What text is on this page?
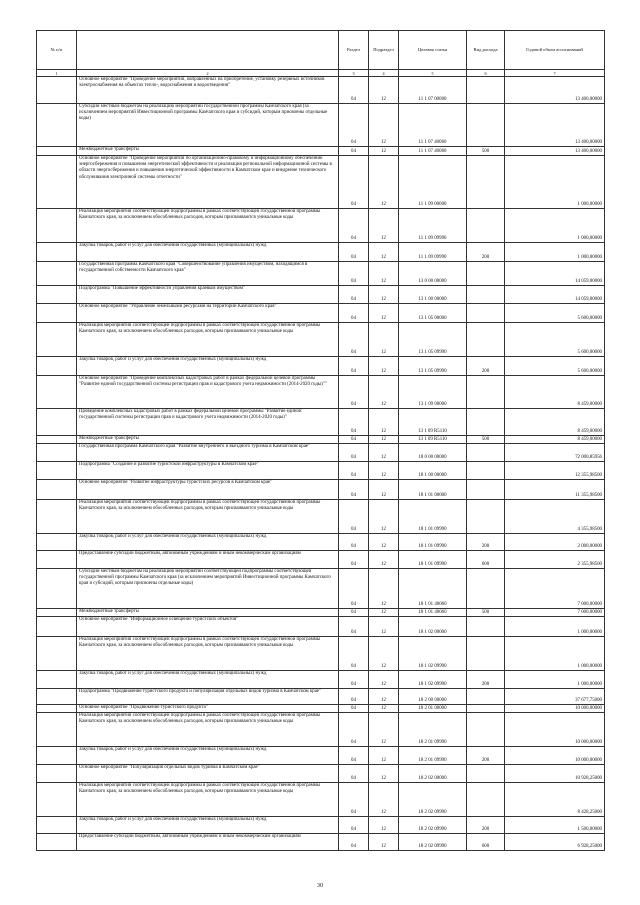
№ п/п		Раздел	Подраздел	Целевая статья	Вид расхода	Годовой объем ассигнований
1	2	3	4	5	6	7
	Основное мероприятие "Проведение мероприятий, направленных на приобретение, установку резервных источников электроснабжения на объектах тепло-, водоснабжения и водоотведения"	04	12	11 1 07 00000		13 400,00000
	Субсидии местным бюджетам на реализацию мероприятий государственной программы Камчатского края (за исключением мероприятий Инвестиционной программы Камчатского края и субсидий, которым присвоены отдельные коды)	04	12	11 1 07 40060		13 400,00000
	Межбюджетные трансферты	04	12	11 1 07 40060	500	13 400,00000
	Основное мероприятие "Проведение мероприятий по организационно-правовому и информационному обеспечению энергосбережения и повышения энергетической эффективности и реализация региональной информационной системы в области энергосбережения и повышения энергетической эффективности в Камчатском крае и внедрение технического обслуживания электронной системы отчетности"	04	12	11 1 09 00000		1 000,00000
	Реализация мероприятий соответствующей подпрограммы в рамках соответствующей государственной программы Камчатского края, за исключением обособленных расходов, которым присваиваются уникальные коды	04	12	11 1 09 09990		1 000,00000
	Закупка товаров, работ и услуг для обеспечения государственных (муниципальных) нужд	04	12	11 1 09 09990	200	1 000,00000
	Государственная программа Камчатского края "Совершенствование управления имуществом, находящимся в государственной собственности Камчатского края"	04	12	13 0 00 00000		14 059,00000
	Подпрограмма "Повышение эффективности управления краевым имуществом"	04	12	13 1 00 00000		14 059,00000
	Основное мероприятие "Управление земельными ресурсами на территории Камчатского края"	04	12	13 1 05 00000		5 600,00000
	Реализация мероприятий соответствующей подпрограммы в рамках соответствующей государственной программы Камчатского края, за исключением обособленных расходов, которым присваиваются уникальные коды	04	12	13 1 05 09990		5 600,00000
	Закупка товаров, работ и услуг для обеспечения государственных (муниципальных) нужд	04	12	13 1 05 09990	200	5 600,00000
	Основное мероприятие "Проведение комплексных кадастровых работ в рамках федеральной целевой программы "Развитие единой государственной системы регистрации прав и кадастрового учета недвижимости (2014-2020 годы)""	04	12	13 1 09 00000		8 459,00000
	Проведение комплексных кадастровых работ в рамках федеральной целевой программы "Развитие единой государственной системы регистрации прав и кадастрового учета недвижимости (2014-2020 годы)"	04	12	13 1 09 R5110		8 459,00000
	Межбюджетные трансферты	04	12	13 1 09 R5110	500	8 459,00000
	Государственная программа Камчатского края "Развитие внутреннего и въездного туризма в Камчатском крае"	04	12	18 0 00 00000		72 000,85956
	Подпрограмма "Создание и развитие туристской инфраструктуры в Камчатском крае"	04	12	18 1 00 00000		12 355,98500
	Основное мероприятие "Развитие инфраструктуры туристских ресурсов в Камчатском крае"	04	12	18 1 01 00000		11 355,98500
	Реализация мероприятий соответствующей подпрограммы в рамках соответствующей государственной программы Камчатского края, за исключением обособленных расходов, которым присваиваются уникальные коды	04	12	18 1 01 09990		4 355,98500
	Закупка товаров, работ и услуг для обеспечения государственных (муниципальных) нужд	04	12	18 1 01 09990	200	2 000,00000
	Предоставление субсидий бюджетным, автономным учреждениям и иным некоммерческим организациям	04	12	18 1 01 09990	600	2 355,98500
	Субсидии местным бюджетам на реализацию мероприятий соответствующей подпрограммы соответствующей государственной программы Камчатского края (за исключением мероприятий Инвестиционной программы Камчатского края и субсидий, которым присвоены отдельные коды)	04	12	18 1 01 40060		7 000,00000
	Межбюджетные трансферты	04	12	18 1 01 40060	500	7 000,00000
	Основное мероприятие "Информационное освещение туристских объектов"	04	12	18 1 02 00000		1 000,00000
	Реализация мероприятий соответствующей подпрограммы в рамках соответствующей государственной программы Камчатского края, за исключением обособленных расходов, которым присваиваются уникальные коды	04	12	18 1 02 09990		1 000,00000
	Закупка товаров, работ и услуг для обеспечения государственных (муниципальных) нужд	04	12	18 1 02 09990	200	1 000,00000
	Подпрограмма "Продвижение туристского продукта и популяризация отдельных видов туризма в Камчатском крае"	04	12	18 2 00 00000		37 677,75000
	Основное мероприятие "Продвижение туристского продукта"	04	12	18 2 01 00000		10 000,00000
	Реализация мероприятий соответствующей подпрограммы в рамках соответствующей государственной программы Камчатского края, за исключением обособленных расходов, которым присваиваются уникальные коды	04	12	18 2 01 09990		10 000,00000
	Закупка товаров, работ и услуг для обеспечения государственных (муниципальных) нужд	04	12	18 2 01 09990	200	10 000,00000
	Основное мероприятие "Популяризация отдельных видов туризма в Камчатском крае"	04	12	18 2 02 00000		10 928,25000
	Реализация мероприятий соответствующей подпрограммы в рамках соответствующей государственной программы Камчатского края, за исключением обособленных расходов, которым присваиваются уникальные коды	04	12	18 2 02 09990		8 428,25000
	Закупка товаров, работ и услуг для обеспечения государственных (муниципальных) нужд	04	12	18 2 02 09990	200	1 500,00000
	Предоставление субсидий бюджетным, автономным учреждениям и иным некоммерческим организациям	04	12	18 2 02 09990	600	6 928,25000
30
